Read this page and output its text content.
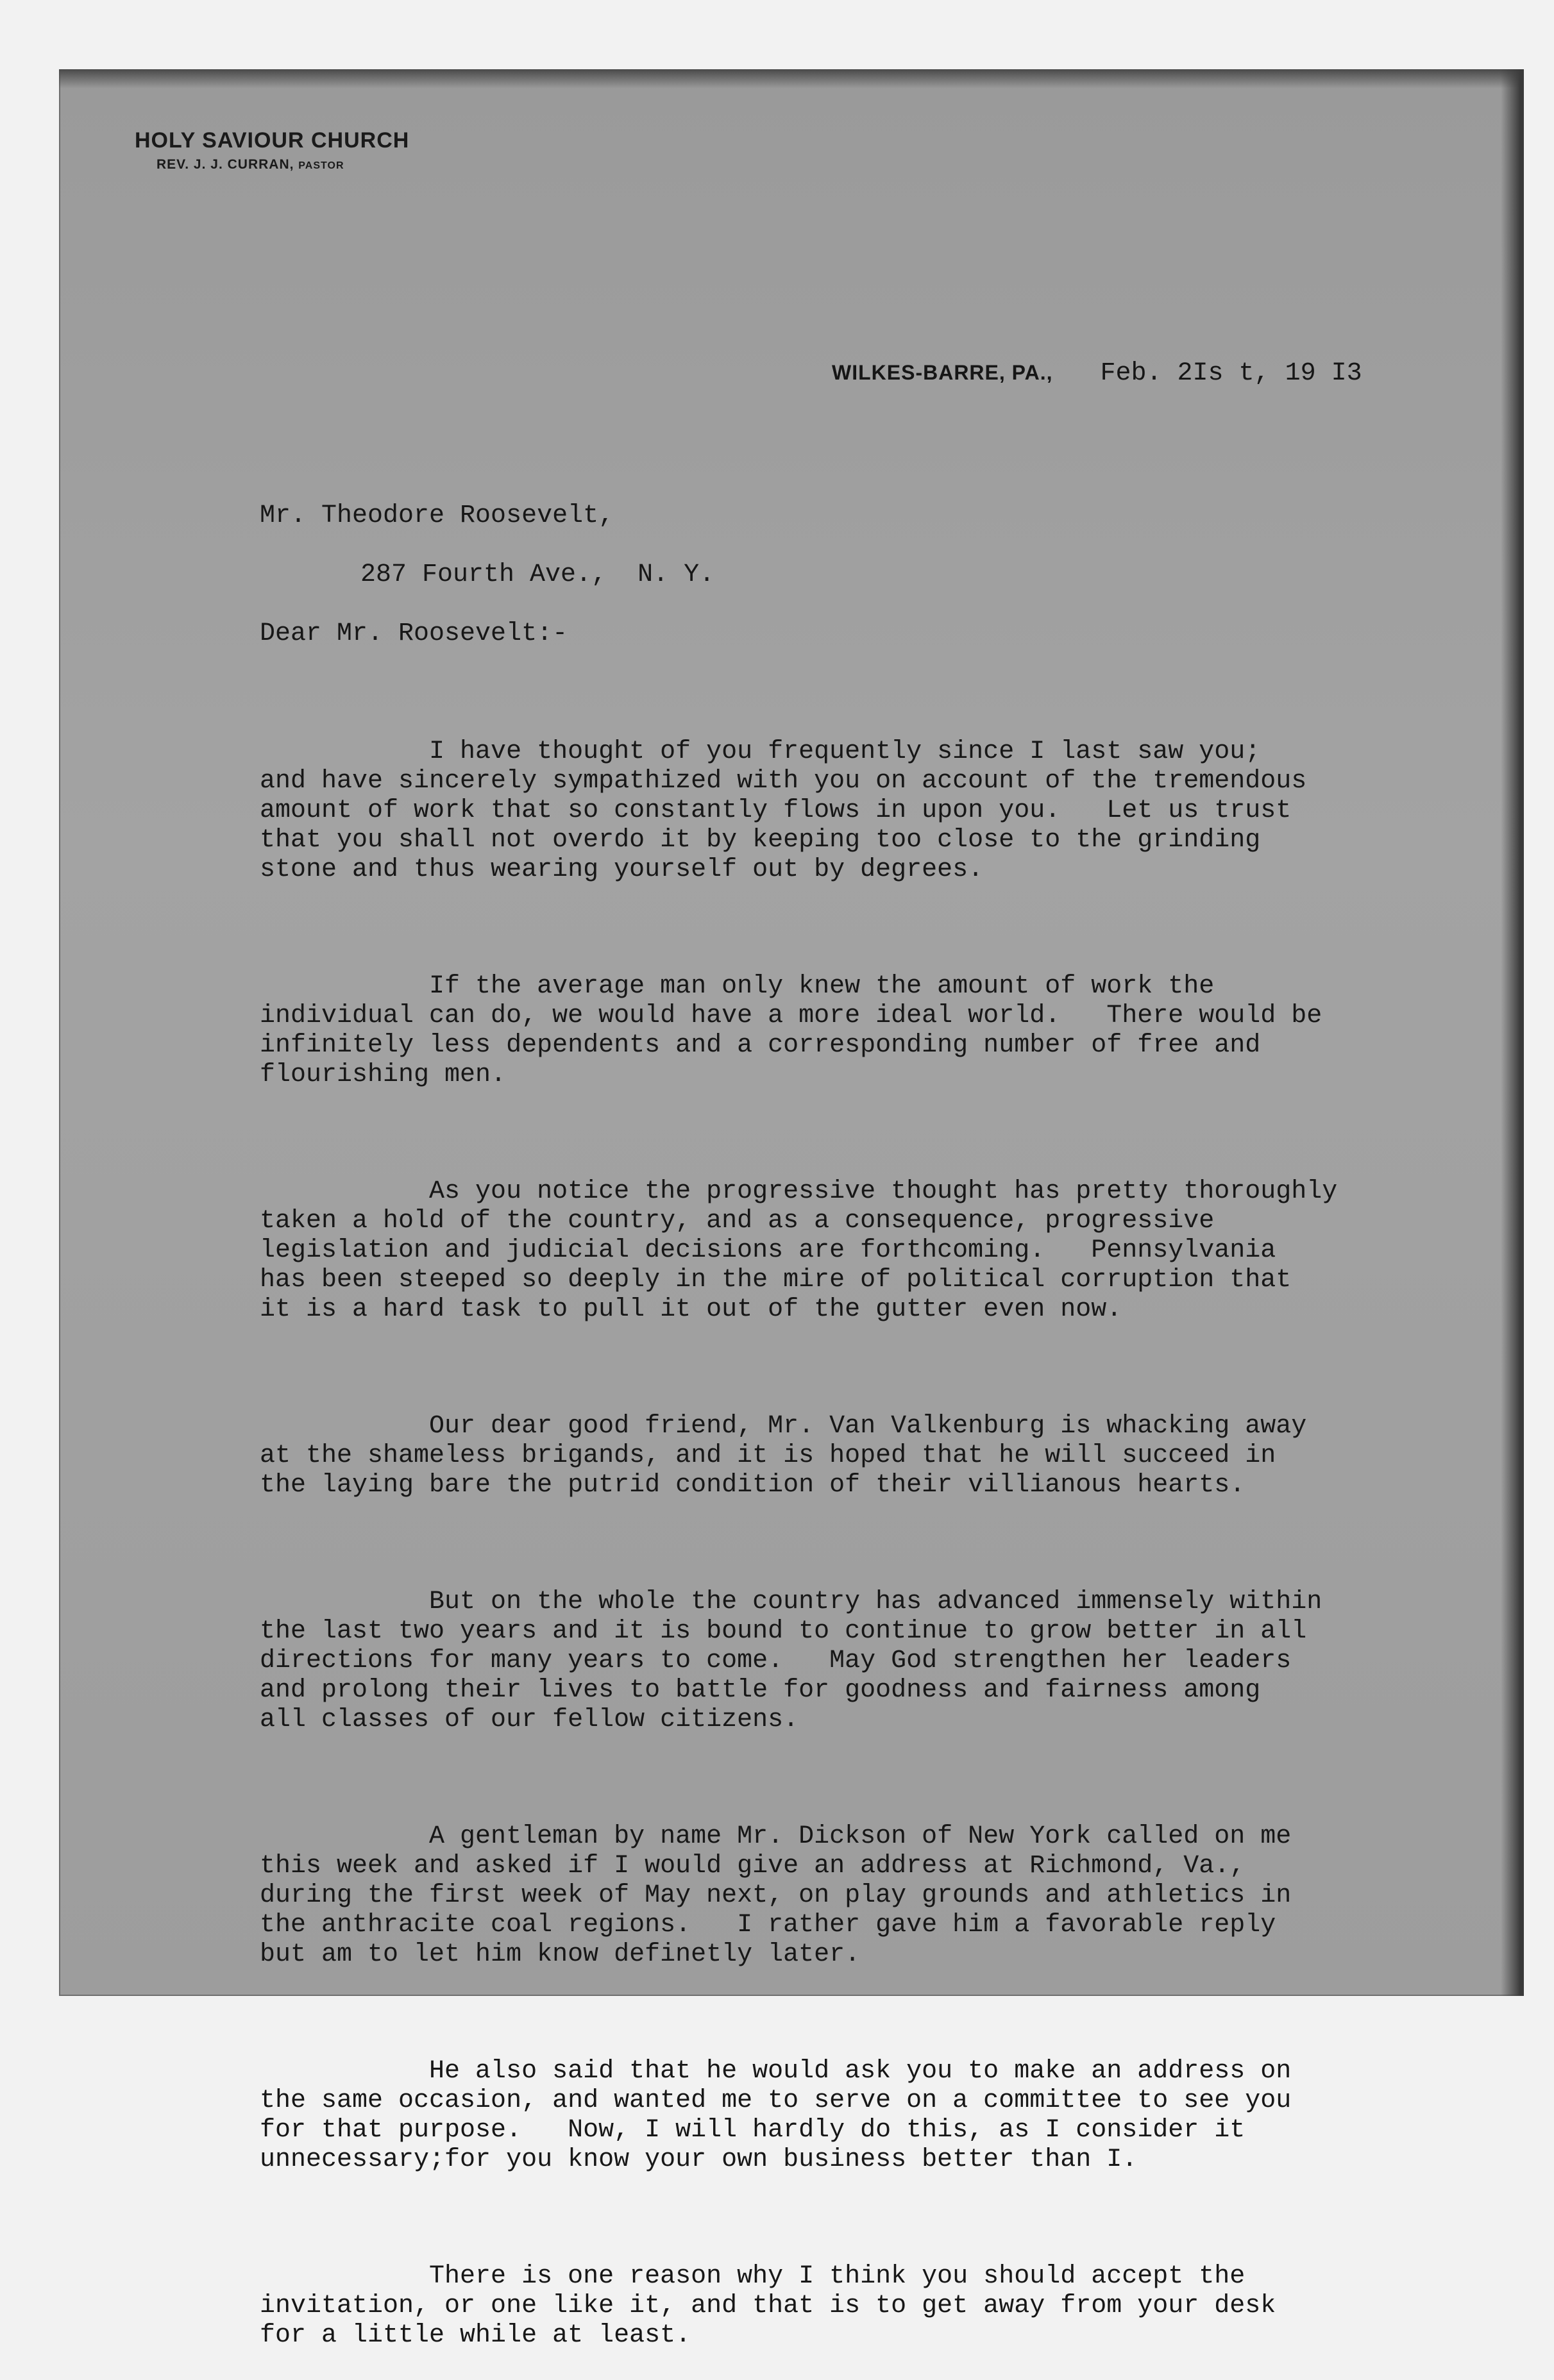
HOLY SAVIOUR CHURCH
REV. J. J. CURRAN, PASTOR
WILKES-BARRE, PA., Feb. 2Is t, 19 I3
Mr. Theodore Roosevelt,
287 Fourth Ave.,  N. Y.
Dear Mr. Roosevelt:-

I have thought of you frequently since I last saw you;
and have sincerely sympathized with you on account of the tremendous
amount of work that so constantly flows in upon you.   Let us trust
that you shall not overdo it by keeping too close to the grinding
stone and thus wearing yourself out by degrees.

If the average man only knew the amount of work the
individual can do, we would have a more ideal world.   There would be
infinitely less dependents and a corresponding number of free and
flourishing men.

As you notice the progressive thought has pretty thoroughly
taken a hold of the country, and as a consequence, progressive
legislation and judicial decisions are forthcoming.   Pennsylvania
has been steeped so deeply in the mire of political corruption that
it is a hard task to pull it out of the gutter even now.

Our dear good friend, Mr. Van Valkenburg is whacking away
at the shameless brigands, and it is hoped that he will succeed in
the laying bare the putrid condition of their villianous hearts.

But on the whole the country has advanced immensely within
the last two years and it is bound to continue to grow better in all
directions for many years to come.   May God strengthen her leaders
and prolong their lives to battle for goodness and fairness among
all classes of our fellow citizens.

A gentleman by name Mr. Dickson of New York called on me
this week and asked if I would give an address at Richmond, Va.,
during the first week of May next, on play grounds and athletics in
the anthracite coal regions.   I rather gave him a favorable reply
but am to let him know definetly later.

He also said that he would ask you to make an address on
the same occasion, and wanted me to serve on a committee to see you
for that purpose.   Now, I will hardly do this, as I consider it
unnecessary;for you know your own business better than I.

There is one reason why I think you should accept the
invitation, or one like it, and that is to get away from your desk
for a little while at least.
